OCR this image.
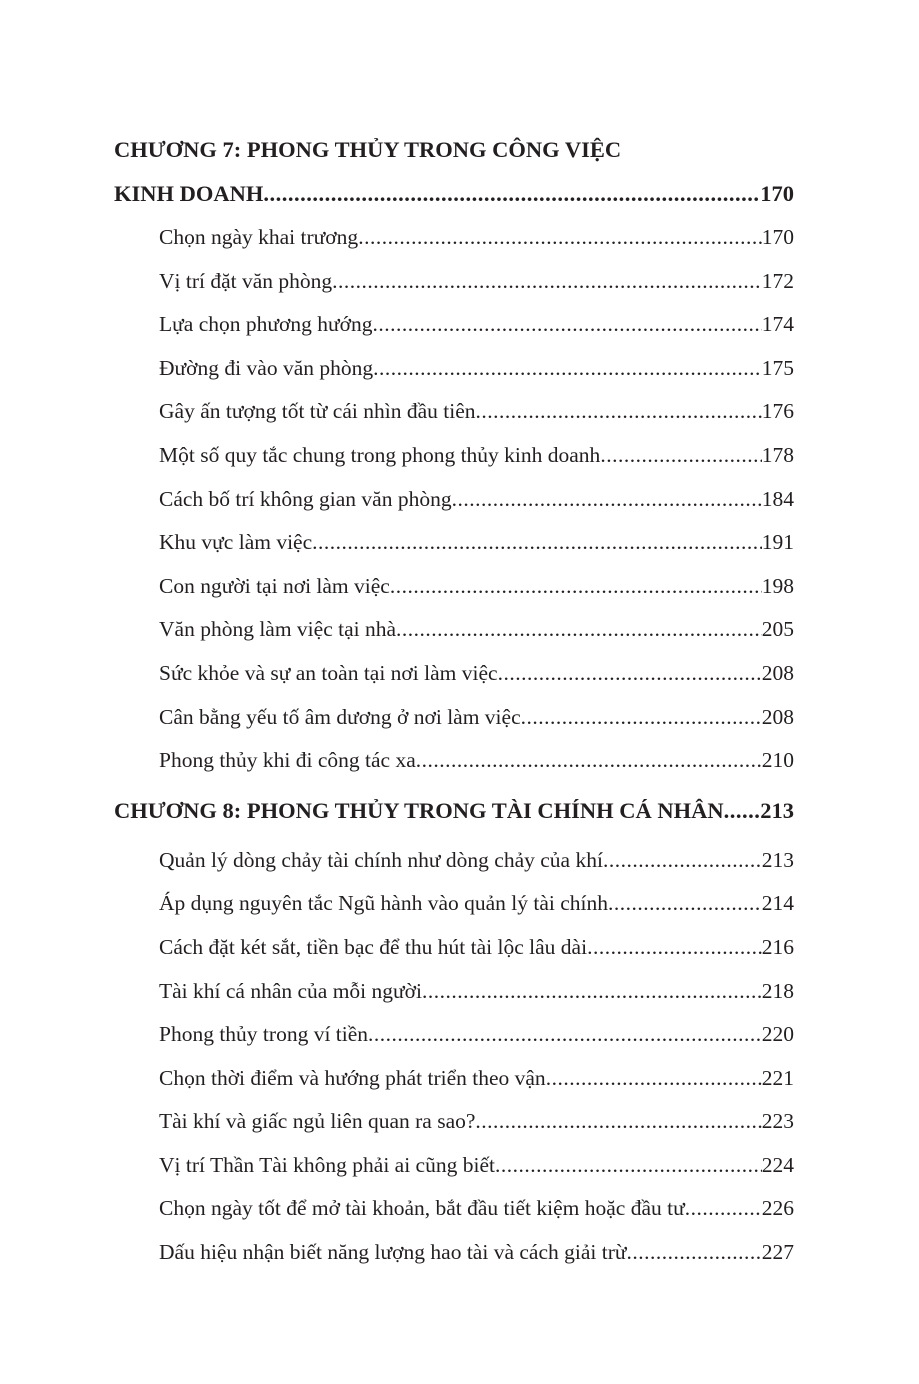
CHƯƠNG 7: PHONG THỦY TRONG CÔNG VIỆC
KINH DOANH .....	170
Chọn ngày khai trương .....	170
Vị trí đặt văn phòng .....	172
Lựa chọn phương hướng .....	174
Đường đi vào văn phòng .....	175
Gây ấn tượng tốt từ cái nhìn đầu tiên .....	176
Một số quy tắc chung trong phong thủy kinh doanh .....	178
Cách bố trí không gian văn phòng .....	184
Khu vực làm việc .....	191
Con người tại nơi làm việc .....	198
Văn phòng làm việc tại nhà .....	205
Sức khỏe và sự an toàn tại nơi làm việc .....	208
Cân bằng yếu tố âm dương ở nơi làm việc .....	208
Phong thủy khi đi công tác xa .....	210
CHƯƠNG 8: PHONG THỦY TRONG TÀI CHÍNH CÁ NHÂN ..... 213
Quản lý dòng chảy tài chính như dòng chảy của khí .....	213
Áp dụng nguyên tắc Ngũ hành vào quản lý tài chính .....	214
Cách đặt két sắt, tiền bạc để thu hút tài lộc lâu dài .....	216
Tài khí cá nhân của mỗi người .....	218
Phong thủy trong ví tiền .....	220
Chọn thời điểm và hướng phát triển theo vận .....	221
Tài khí và giấc ngủ liên quan ra sao? .....	223
Vị trí Thần Tài không phải ai cũng biết .....	224
Chọn ngày tốt để mở tài khoản, bắt đầu tiết kiệm hoặc đầu tư .....	226
Dấu hiệu nhận biết năng lượng hao tài và cách giải trừ .....	227
